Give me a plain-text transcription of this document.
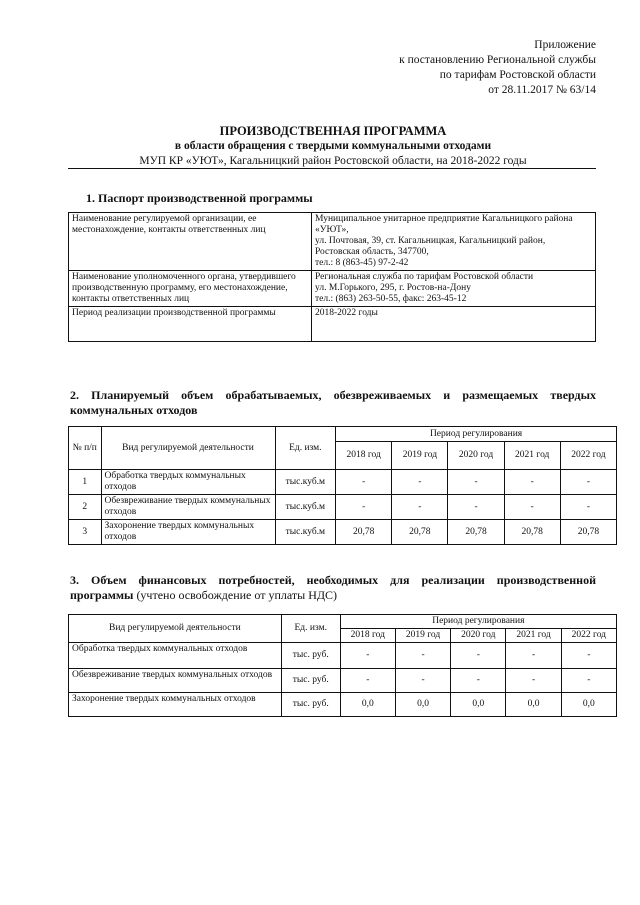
Приложение
к постановлению Региональной службы
по тарифам Ростовской области
от 28.11.2017 № 63/14
ПРОИЗВОДСТВЕННАЯ ПРОГРАММА
в области обращения с твердыми коммунальными отходами
МУП КР «УЮТ», Кагальницкий район Ростовской области, на 2018-2022 годы
1. Паспорт производственной программы
Наименование регулируемой организации, ее местонахождение, контакты ответственных лиц	Муниципальное унитарное предприятие Кагальницкого района «УЮТ»,
ул. Почтовая, 39, ст. Кагальницкая, Кагальницкий район, Ростовская область, 347700,
тел.: 8 (863-45) 97-2-42

Наименование уполномоченного органа, утвердившего производственную программу, его местонахождение, контакты ответственных лиц	Региональная служба по тарифам Ростовской области
ул. М.Горького, 295, г. Ростов-на-Дону
тел.: (863) 263-50-55, факс: 263-45-12

Период реализации производственной программы	2018-2022 годы
2. Планируемый объем обрабатываемых, обезвреживаемых и размещаемых твердых коммунальных отходов
№ п/п	Вид регулируемой деятельности	Ед. изм.	Период регулирования				
			2018 год	2019 год	2020 год	2021 год	2022 год
1	Обработка твердых коммунальных отходов	тыс.куб.м	-	-	-	-	-
2	Обезвреживание твердых коммунальных отходов	тыс.куб.м	-	-	-	-	-
3	Захоронение твердых коммунальных отходов	тыс.куб.м	20,78	20,78	20,78	20,78	20,78
3. Объем финансовых потребностей, необходимых для реализации производственной программы (учтено освобождение от уплаты НДС)
Вид регулируемой деятельности	Ед. изм.	Период регулирования				
		2018 год	2019 год	2020 год	2021 год	2022 год
Обработка твердых коммунальных отходов	тыс. руб.	-	-	-	-	-
Обезвреживание твердых коммунальных отходов	тыс. руб.	-	-	-	-	-
Захоронение твердых коммунальных отходов	тыс. руб.	0,0	0,0	0,0	0,0	0,0
